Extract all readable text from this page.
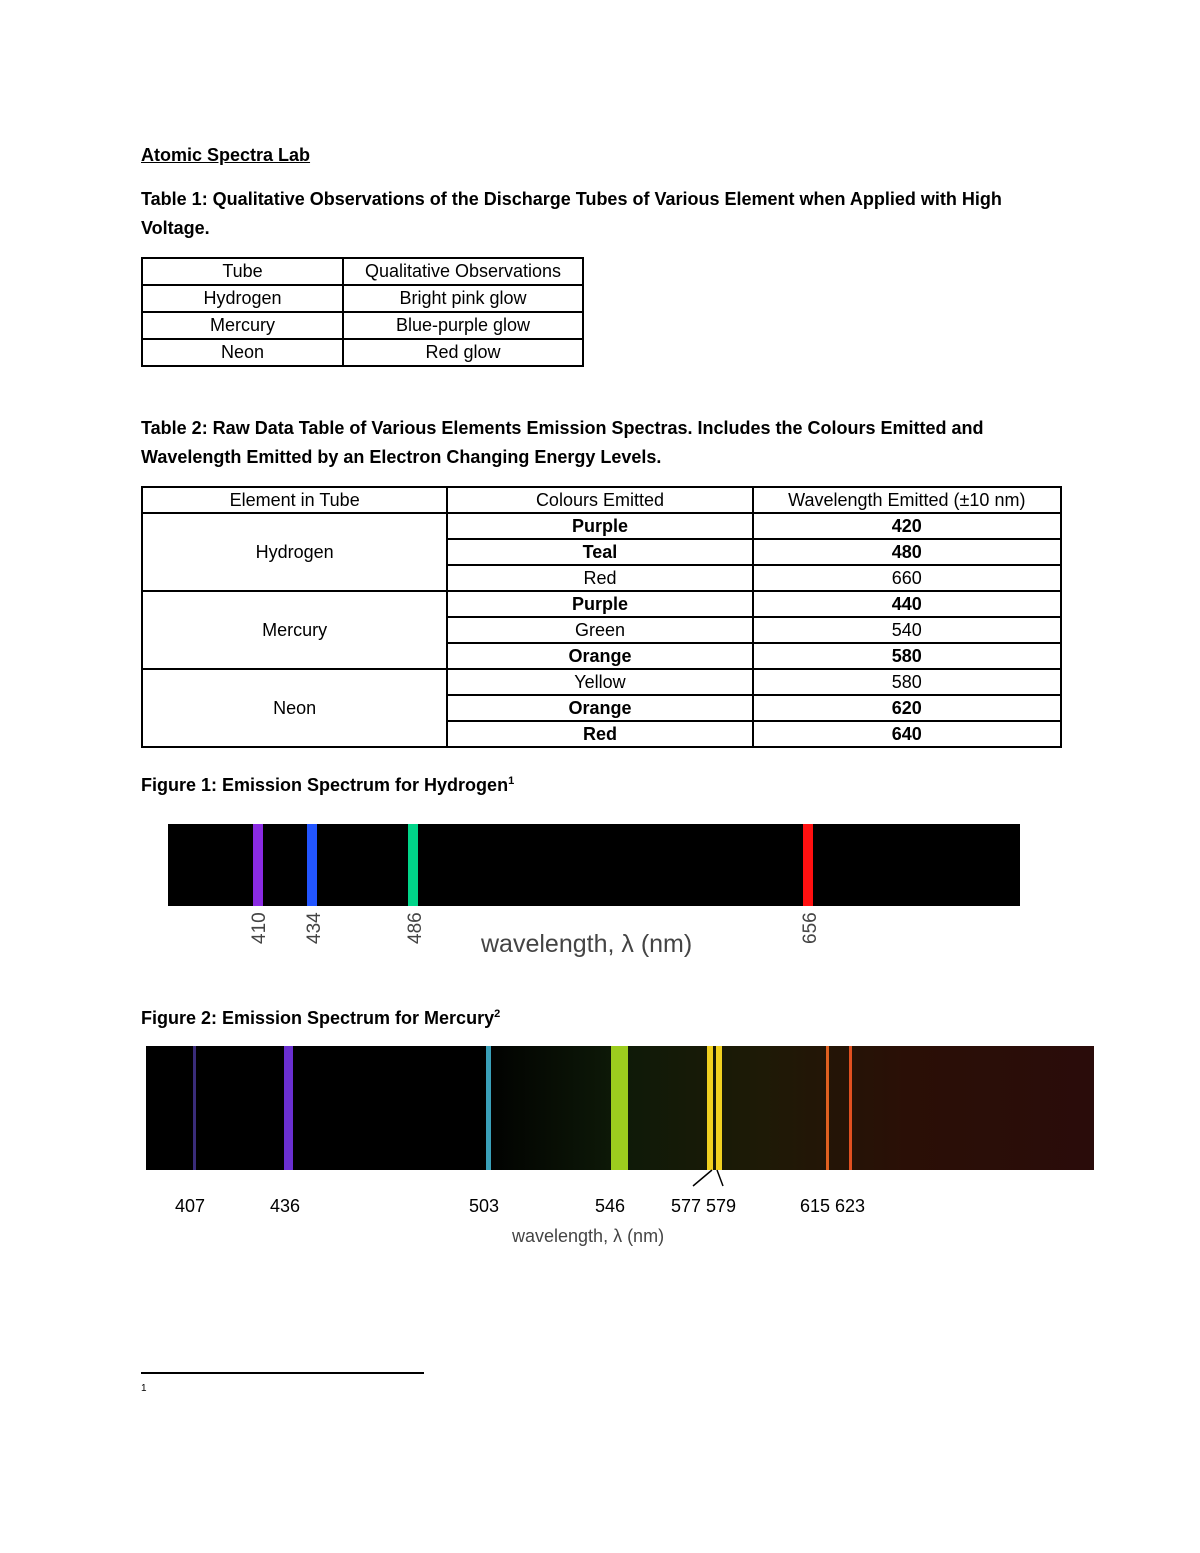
Atomic Spectra Lab
Table 1: Qualitative Observations of the Discharge Tubes of Various Element when Applied with High Voltage.
Tube	Qualitative Observations
Hydrogen	Bright pink glow
Mercury	Blue-purple glow
Neon	Red glow
Table 2: Raw Data Table of Various Elements Emission Spectras. Includes the Colours Emitted and Wavelength Emitted by an Electron Changing Energy Levels.
Element in Tube	Colours Emitted	Wavelength Emitted (±10 nm)
Hydrogen	Purple	420
	Teal	480
	Red	660
Mercury	Purple	440
	Green	540
	Orange	580
Neon	Yellow	580
	Orange	620
	Red	640
Figure 1: Emission Spectrum for Hydrogen$^1$
410 434	486	656
wavelength, λ (nm)
Figure 2: Emission Spectrum for Mercury$^2$
407	436	503	546	577 579	615 623
wavelength, λ (nm)
1
